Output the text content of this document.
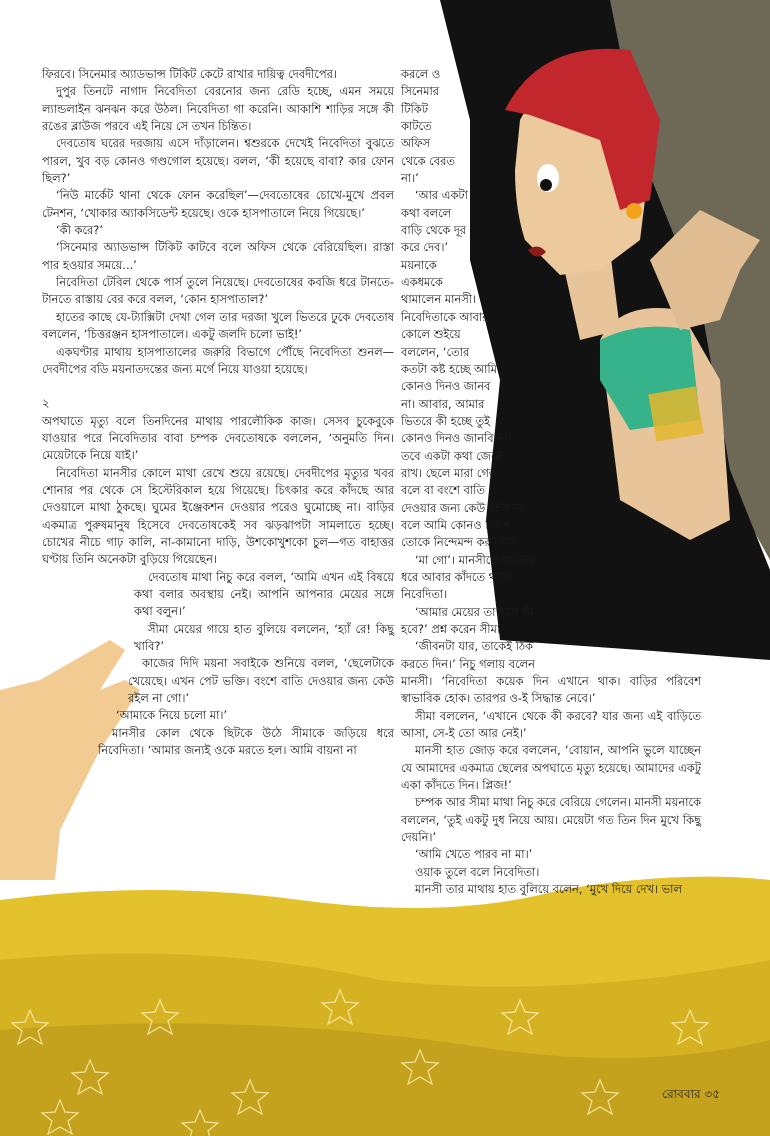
ফিরবে। সিনেমার অ্যাডভান্স টিকিট কেটে রাখার দায়িত্ব দেবদীপের।

দুপুর তিনটে নাগাদ নিবেদিতা বেরনোর জন্য রেডি হচ্ছে, এমন সময়ে ল্যান্ডলাইন ঝনঝন করে উঠল। নিবেদিতা গা করেনি। আকাশি শাড়ির সঙ্গে কী রঙের ব্লাউজ পরবে এই নিয়ে সে তখন চিন্তিত।

দেবতোষ ঘরের দরজায় এসে দাঁড়ালেন। শ্বশুরকে দেখেই নিবেদিতা বুঝতে পারল, খুব বড় কোনও গণ্ডগোল হয়েছে। বলল, ‘কী হয়েছে বাবা? কার ফোন ছিল?’

‘নিউ মার্কেট থানা থেকে ফোন করেছিল’—দেবতোষের চোখে-মুখে প্রবল টেনশন, ‘খোকার অ্যাকসিডেন্ট হয়েছে। ওকে হাসপাতালে নিয়ে গিয়েছে।’

‘কী করে?’

‘সিনেমার অ্যাডভান্স টিকিট কাটবে বলে অফিস থেকে বেরিয়েছিল। রাস্তা পার হওয়ার সময়ে...’

নিবেদিতা টেবিল থেকে পার্স তুলে নিয়েছে। দেবতোষের কবজি ধরে টানতে-টানতে রাস্তায় বের করে বলল, ‘কোন হাসপাতাল?’

হাতের কাছে যে-ট্যাক্সিটা দেখা গেল তার দরজা খুলে ভিতরে ঢুকে দেবতোষ বললেন, ‘চিত্তরঞ্জন হাসপাতালে। একটু জলদি চলো ভাই!’

একঘণ্টার মাথায় হাসপাতালের জরুরি বিভাগে পৌঁছে নিবেদিতা শুনল—দেবদীপের বডি ময়নাতদন্তের জন্য মর্গে নিয়ে যাওয়া হয়েছে।

২

অপঘাতে মৃত্যু বলে তিনদিনের মাথায় পারলৌকিক কাজ। সেসব চুকেবুকে যাওয়ার পরে নিবেদিতার বাবা চম্পক দেবতোষকে বললেন, ‘অনুমতি দিন। মেয়েটাকে নিয়ে যাই।’

নিবেদিতা মানসীর কোলে মাথা রেখে শুয়ে রয়েছে। দেবদীপের মৃত্যুর খবর শোনার পর থেকে সে হিস্টেরিকাল হয়ে গিয়েছে। চিৎকার করে কাঁদছে আর দেওয়ালে মাথা ঠুকছে। ঘুমের ইঞ্জেকশন দেওয়ার পরেও ঘুমোচ্ছে না। বাড়ির একমাত্র পুরুষমানুষ হিসেবে দেবতোষকেই সব ঝড়ঝাপটা সামলাতে হচ্ছে। চোখের নীচে গাঢ় কালি, না-কামানো দাড়ি, উশকোখুশকো চুল—গত বাহাত্তর ঘণ্টায় তিনি অনেকটা বুড়িয়ে গিয়েছেন।

দেবতোষ মাথা নিচু করে বলল, ‘আমি এখন এই বিষয়ে কথা বলার অবস্থায় নেই। আপনি আপনার মেয়ের সঙ্গে কথা বলুন।’

সীমা মেয়ের গায়ে হাত বুলিয়ে বললেন, ‘হ্যাঁ রে! কিছু খাবি?’

কাজের দিদি ময়না সবাইকে শুনিয়ে বলল, ‘ছেলেটাকে খেয়েছে। এখন পেট ভক্তি। বংশে বাতি দেওয়ার জন্য কেউ রইল না গো।’

‘আমাকে নিয়ে চলো মা।’

মানসীর কোল থেকে ছিটকে উঠে সীমাকে জড়িয়ে ধরে নিবেদিতা। ‘আমার জন্যই ওকে মরতে হল। আমি বায়না না

করলে ও

সিনেমার

টিকিট

কাটতে

অফিস

থেকে বেরত

না।’

‘আর একটা

কথা বললে

বাড়ি থেকে দূর

করে দেব।’

ময়নাকে

একধমকে

থামালেন মানসী।

নিবেদিতাকে আবার

কোলে শুইয়ে

বললেন, ‘তোর

কতটা কষ্ট হচ্ছে আমি

কোনও দিনও জানব

না। আবার, আমার

ভিতরে কী হচ্ছে তুই

কোনও দিনও জানবি না।

তবে একটা কথা জেনে

রাখ। ছেলে মারা গেল

বলে বা বংশে বাতি

দেওয়ার জন্য কেউ রইল না

বলে আমি কোনও দিনও

তোকে নিন্দেমন্দ করব না।’

‘মা গো’। মানসীকে জড়িয়ে

ধরে আবার কাঁদতে থাকে

নিবেদিতা।

‘আমার মেয়ের তা হলে কী

হবে?’ প্রশ্ন করেন সীমা।

‘জীবনটা যার, তাকেই ঠিক

করতে দিন।’ নিচু গলায় বলেন

মানসী। ‘নিবেদিতা কয়েক দিন এখানে থাক। বাড়ির পরিবেশ স্বাভাবিক হোক। তারপর ও-ই সিদ্ধান্ত নেবে।’

সীমা বললেন, ‘এখানে থেকে কী করবে? যার জন্য এই বাড়িতে আসা, সে-ই তো আর নেই।’

মানসী হাত জোড় করে বললেন, ‘বোয়ান, আপনি ভুলে যাচ্ছেন যে আমাদের একমাত্র ছেলের অপঘাতে মৃত্যু হয়েছে। আমাদের একটু একা কাঁদতে দিন। প্লিজ!’

চম্পক আর সীমা মাথা নিচু করে বেরিয়ে গেলেন। মানসী ময়নাকে বললেন, ‘তুই একটু দুধ নিয়ে আয়। মেয়েটা গত তিন দিন মুখে কিছু দেয়নি।’

‘আমি খেতে পারব না মা।’

ওয়াক তুলে বলে নিবেদিতা।

মানসী তার মাথায় হাত বুলিয়ে বলেন, ‘মুখে দিয়ে দেখ। ভাল

রোববার ৩৫
